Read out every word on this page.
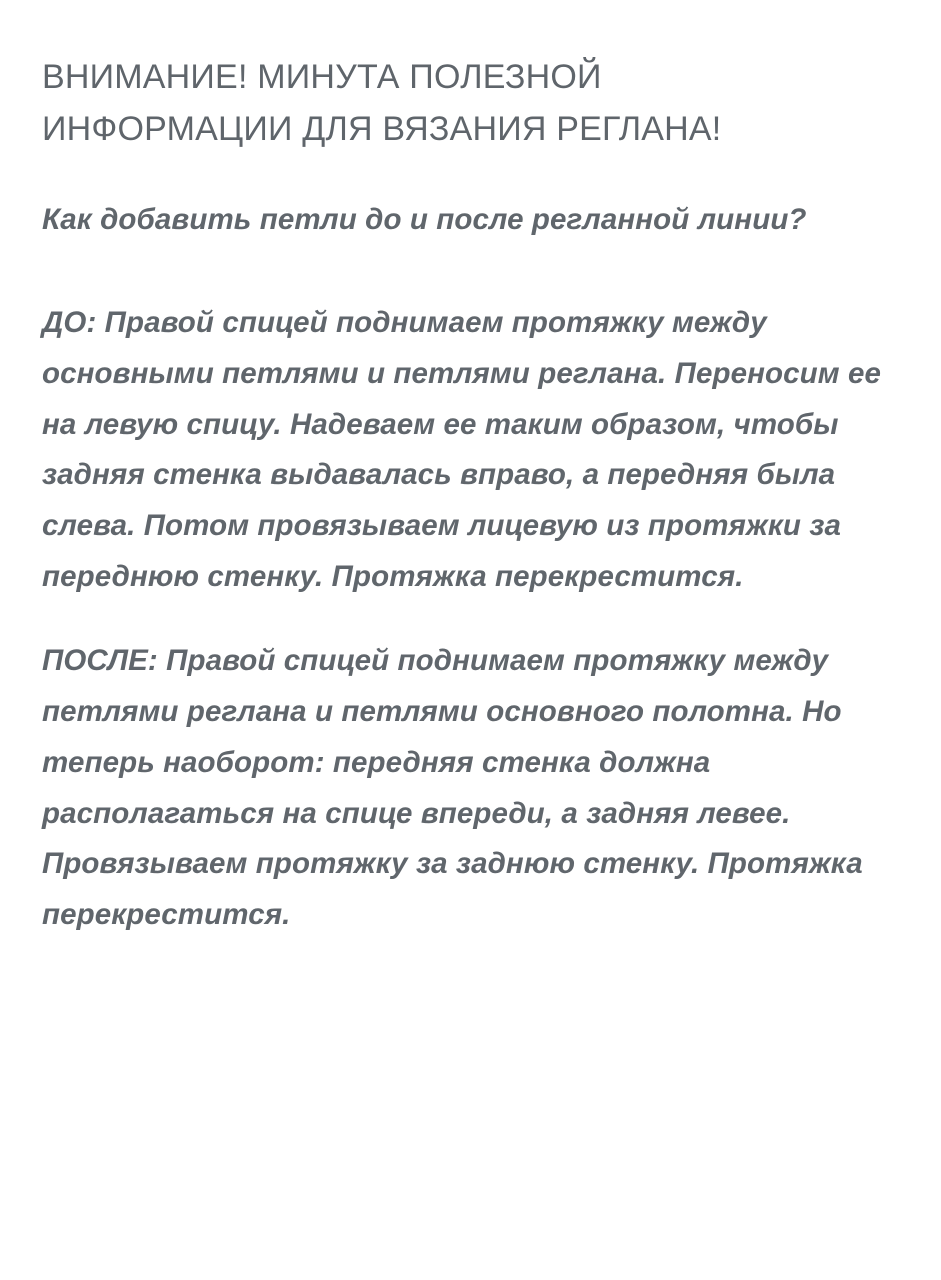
ВНИМАНИЕ! МИНУТА ПОЛЕЗНОЙ ИНФОРМАЦИИ ДЛЯ ВЯЗАНИЯ РЕГЛАНА!

Как добавить петли до и после регланной линии?

ДО: Правой спицей поднимаем протяжку между основными петлями и петлями реглана. Переносим ее на левую спицу. Надеваем ее таким образом, чтобы задняя стенка выдавалась вправо, а передняя была слева. Потом провязываем лицевую из протяжки за переднюю стенку. Протяжка перекрестится.

ПОСЛЕ: Правой спицей поднимаем протяжку между петлями реглана и петлями основного полотна. Но теперь наоборот: передняя стенка должна располагаться на спице впереди, а задняя левее. Провязываем протяжку за заднюю стенку. Протяжка перекрестится.
